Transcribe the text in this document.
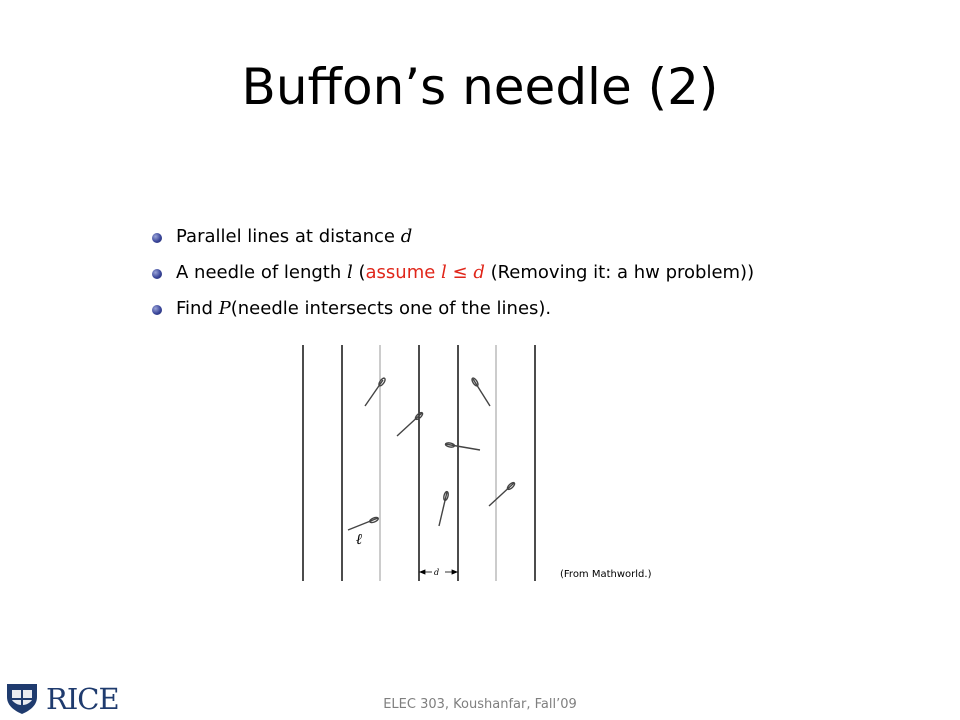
Buffon’s needle (2)
Parallel lines at distance d
A needle of length l (assume l ≤ d (Removing it: a hw problem))
Find P(needle intersects one of the lines).
ℓ
d	(From Mathworld.)
RICE	ELEC 303, Koushanfar, Fall’09
